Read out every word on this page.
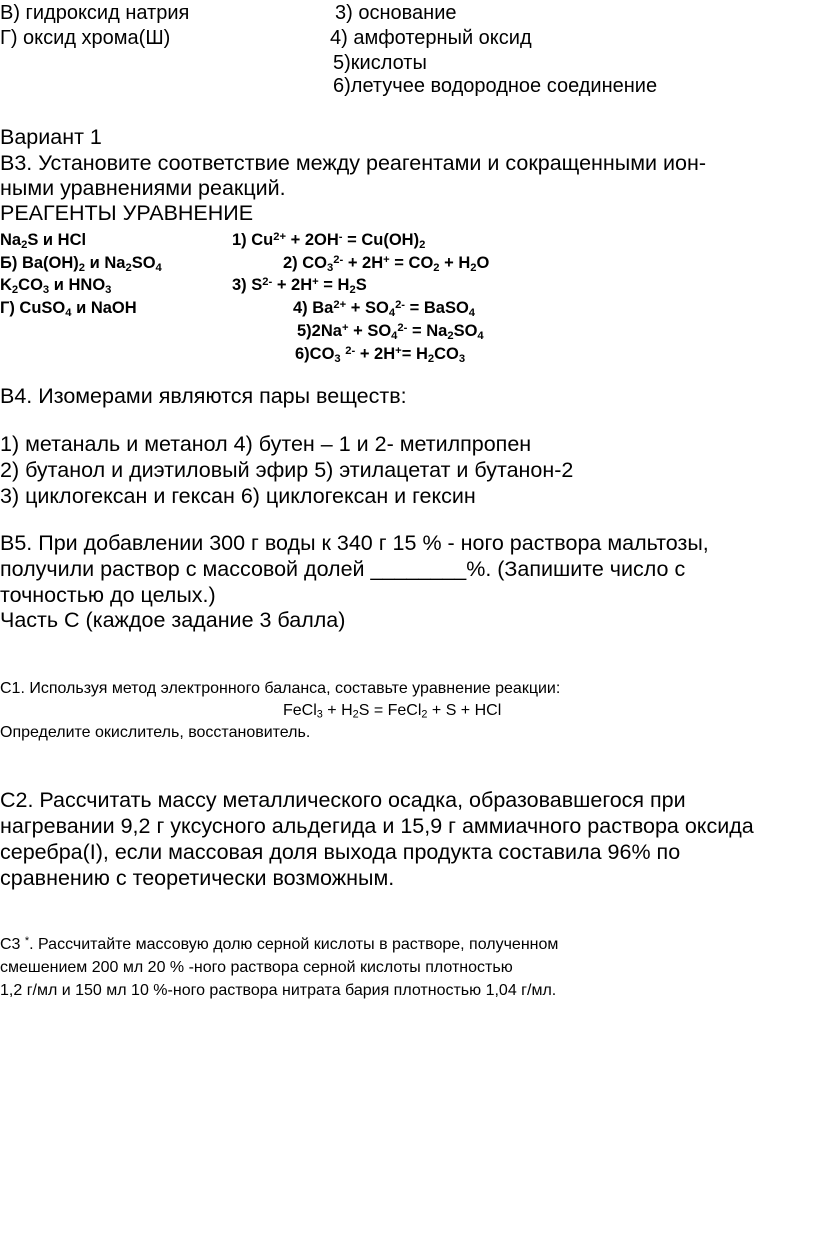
В) гидроксид натрия	3) основание
Г) оксид хрома(Ш)	4) амфотерный оксид
5)кислоты
6)летучее водородное соединение
Вариант 1
В3. Установите соответствие между реагентами и сокращенными ион-
ными уравнениями реакций.
РЕАГЕНТЫ УРАВНЕНИЕ
$Na_2S$ и HCl	1) $Cu^{2+} + 2OH^- = Cu(OH)_2$
Б) $Ba(OH)_2$ и $Na_2SO_4$	2) $CO_3^{2-} + 2H^+ = CO_2 + H_2O$
$K_2CO_3$ и $HNO_3$	3) $S^{2-} + 2H^+ = H_2S$
Г) CuSO$_4$ и NaOH	4) $Ba^{2+} + SO_4^{2-}$ = BaSO$_4$
$5)2Na^+ + SO_4^{2-} = Na_2SO_4$
$6)CO_3$ $^{2-} + 2H^+= H_2CO_3$
В4. Изомерами являются пары веществ:
1) метаналь и метанол 4) бутен – 1 и 2- метилпропен
2) бутанол и диэтиловый эфир 5) этилацетат и бутанон-2
3) циклогексан и гексан 6) циклогексан и гексин
В5. При добавлении 300 г воды к 340 г 15 % - ного раствора мальтозы,
получили раствор с массовой долей ________%. (Запишите число с
точностью до целых.)
Часть С (каждое задание 3 балла)
С1. Используя метод электронного баланса, составьте уравнение реакции:
FeCl$_3$ + $H_2S$ = FeCl$_2$ + S + HCl
Определите окислитель, восстановитель.
С2. Рассчитать массу металлического осадка, образовавшегося при
нагревании 9,2 г уксусного альдегида и 15,9 г аммиачного раствора оксида
серебра(I), если массовая доля выхода продукта составила 96% по
сравнению с теоретически возможным.
С3 *. Рассчитайте массовую долю серной кислоты в растворе, полученном
смешением 200 мл 20 % -ного раствора серной кислоты плотностью
1,2 г/мл и 150 мл 10 %-ного раствора нитрата бария плотностью 1,04 г/мл.
